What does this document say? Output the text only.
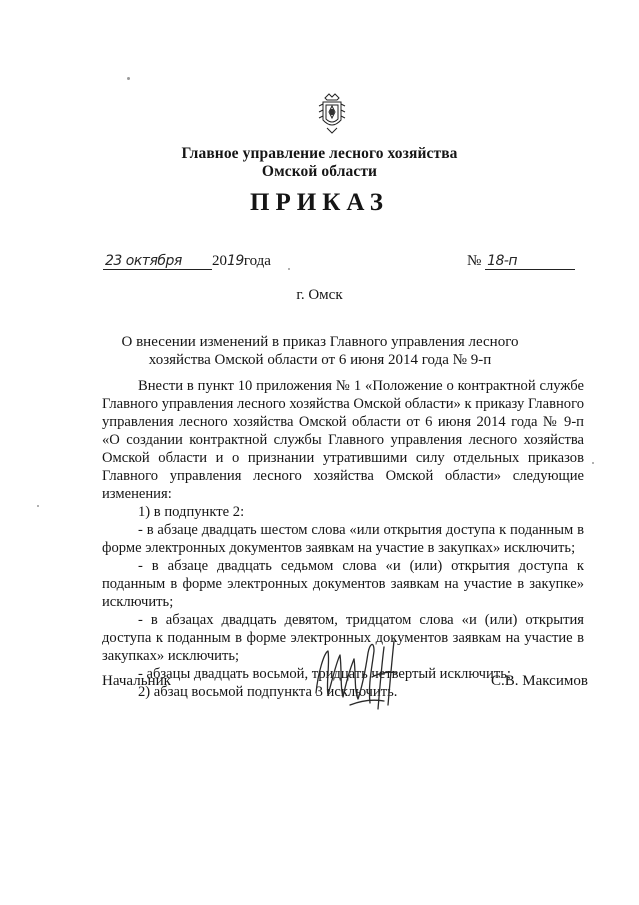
Главное управление лесного хозяйства
Омской области
ПРИКАЗ
23 октября 2019года	№ 18-п
г. Омск
О внесении изменений в приказ Главного управления лесного хозяйства Омской области от 6 июня 2014 года № 9-п

Внести в пункт 10 приложения № 1 «Положение о контрактной службе Главного управления лесного хозяйства Омской области» к приказу Главного управления лесного хозяйства Омской области от 6 июня 2014 года № 9-п «О создании контрактной службы Главного управления лесного хозяйства Омской области и о признании утратившими силу отдельных приказов Главного управления лесного хозяйства Омской области» следующие изменения:

1) в подпункте 2:

- в абзаце двадцать шестом слова «или открытия доступа к поданным в форме электронных документов заявкам на участие в закупках» исключить;

- в абзаце двадцать седьмом слова «и (или) открытия доступа к поданным в форме электронных документов заявкам на участие в закупке» исключить;

- в абзацах двадцать девятом, тридцатом слова «и (или) открытия доступа к поданным в форме электронных документов заявкам на участие в закупках» исключить;

- абзацы двадцать восьмой, тридцать четвертый исключить;

2) абзац восьмой подпункта 3 исключить.

Начальник	С.В. Максимов
